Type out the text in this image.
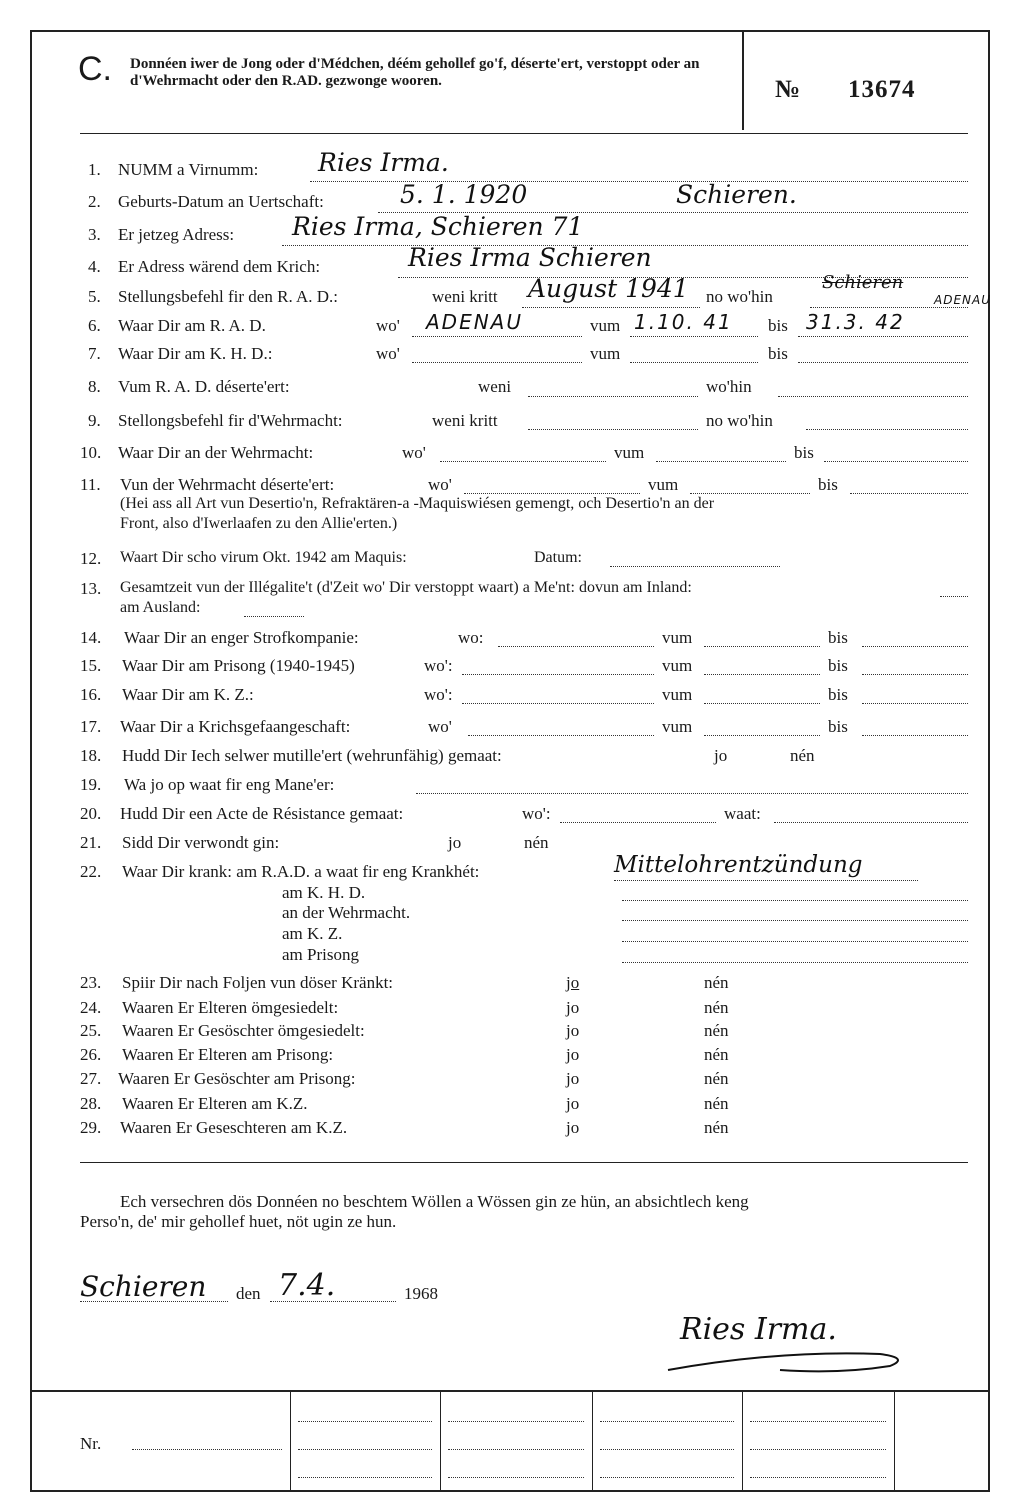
C. Donnéen iwer de Jong oder d'Médchen, déém gehollef go'f, déserte'ert, verstoppt oder an d'Wehrmacht oder den R.AD. gezwonge wooren.	№ 13674
1. NUMM a Virnumm: Ries Irma.
2. Geburts-Datum an Uertschaft:	5. 1. 1920	Schieren.
3. Er jetzeg Adress: Ries Irma, Schieren 71
4. Er Adress wärend dem Krich:	Ries Irma Schieren
5. Stellungsbefehl fir den R. A. D.:	weni kritt August 1941 no wo'hin
Schieren
ADENAU
6. Waar Dir am R. A. D.	wo' ADENAU	vum 1.10. 41 bis 31.3. 42
7. Waar Dir am K. H. D.:	wo'	vum	bis
8. Vum R. A. D. déserte'ert:	weni	wo'hin
9. Stellongsbefehl fir d'Wehrmacht:	weni kritt	no wo'hin
10. Waar Dir an der Wehrmacht:	wo'	vum	bis
11. Vun der Wehrmacht déserte'ert:	wo'	vum	bis
(Hei ass all Art vun Desertio'n, Refraktären-a -Maquiswiésen gemengt, och Desertio'n an der
Front, also d'Iwerlaafen zu den Allie'erten.)
12. Waart Dir scho virum Okt. 1942 am Maquis:	Datum:
13. Gesamtzeit vun der Illégalite't (d'Zeit wo' Dir verstoppt waart) a Me'nt: dovun am Inland:
am Ausland:
14. Waar Dir an enger Strofkompanie:	wo:	vum	bis
15. Waar Dir am Prisong (1940-1945)	wo':	vum	bis
16. Waar Dir am K. Z.:	wo':	vum	bis
17. Waar Dir a Krichsgefaangeschaft:	wo'	vum	bis
18. Hudd Dir Iech selwer mutille'ert (wehrunfähig) gemaat:	jo	nén
19. Wa jo op waat fir eng Mane'er:
20. Hudd Dir een Acte de Résistance gemaat:	wo':	waat:
21. Sidd Dir verwondt gin:	jo	nén
22. Waar Dir krank: am R.A.D. a waat fir eng Krankhét:	Mittelohrentzündung
am K. H. D.
an der Wehrmacht.
am K. Z.
am Prisong
23. Spiir Dir nach Foljen vun döser Kränkt:	jo	nén
24. Waaren Er Elteren ömgesiedelt:	jo	nén
25. Waaren Er Gesöschter ömgesiedelt:	jo	nén
26. Waaren Er Elteren am Prisong:	jo	nén
27. Waaren Er Gesöschter am Prisong:	jo	nén
28. Waaren Er Elteren am K.Z.	jo	nén
29. Waaren Er Geseschteren am K.Z.	jo	nén
Ech versechren dös Donnéen no beschtem Wöllen a Wössen gin ze hün, an absichtlech keng
Perso'n, de' mir gehollef huet, nöt ugin ze hun.
Schieren den 7.4.	1968
Ries Irma.
Nr.
